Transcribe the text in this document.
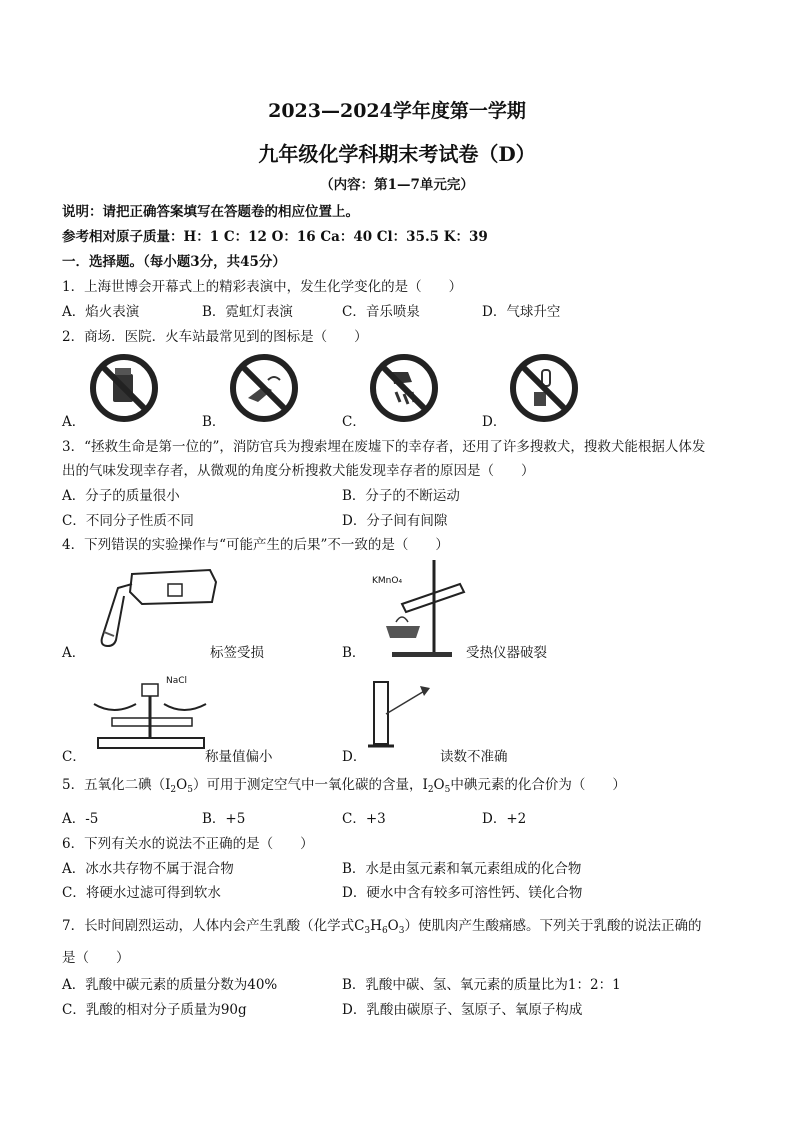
2023—2024学年度第一学期
九年级化学科期末考试卷（D）
（内容：第1—7单元完）
说明：请把正确答案填写在答题卷的相应位置上。
参考相对原子质量：H：1 C：12 O：16 Ca：40 Cl：35.5 K：39
一．选择题。（每小题3分，共45分）
1．上海世博会开幕式上的精彩表演中，发生化学变化的是（　　）
A．焰火表演	B．霓虹灯表演	C．音乐喷泉	D．气球升空
2．商场．医院．火车站最常见到的图标是（　　）
A．	B．	C．	D．
3．“拯救生命是第一位的”，消防官兵为搜索埋在废墟下的幸存者，还用了许多搜救犬，搜救犬能根据人体发
出的气味发现幸存者，从微观的角度分析搜救犬能发现幸存者的原因是（　　）
A．分子的质量很小	B．分子的不断运动
C．不同分子性质不同	D．分子间有间隙
4．下列错误的实验操作与“可能产生的后果”不一致的是（　　）
A．	标签受损
KMnO₄
B．	受热仪器破裂
NaCl
C．	称量值偏小	D．	读数不准确
5．五氧化二碘$(I_2O_5)$可用于测定空气中一氧化碳的含量，$I_2O_5$中碘元素的化合价为（　　）
A．-5	B．+5	C．+3	D．+2
6．下列有关水的说法不正确的是（　　）
A．冰水共存物不属于混合物	B．水是由氢元素和氧元素组成的化合物
C．将硬水过滤可得到软水	D．硬水中含有较多可溶性钙、镁化合物
7．长时间剧烈运动，人体内会产生乳酸（化学式$C_3H_6O_3$）使肌肉产生酸痛感。下列关于乳酸的说法正确的
是（　　）
A．乳酸中碳元素的质量分数为40%	B．乳酸中碳、氢、氧元素的质量比为1：2：1
C．乳酸的相对分子质量为90g	D．乳酸由碳原子、氢原子、氧原子构成
